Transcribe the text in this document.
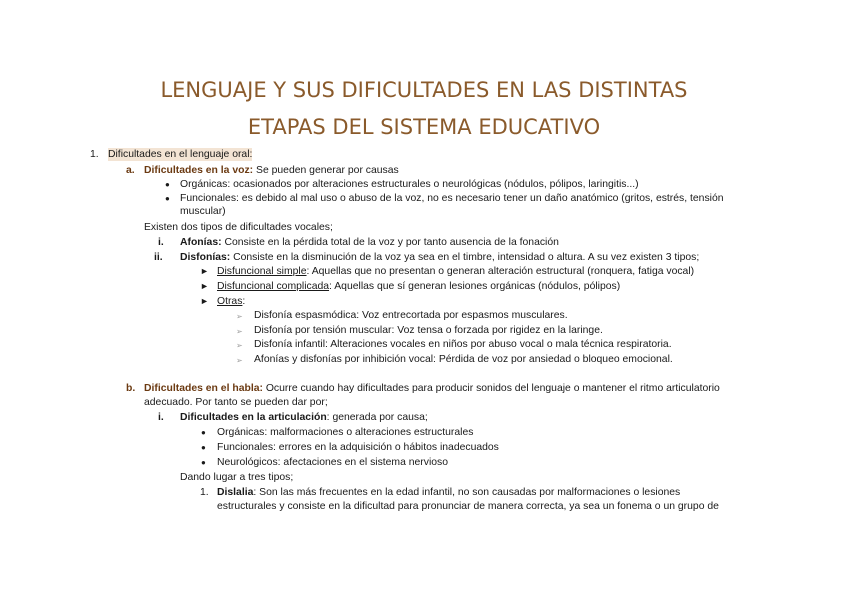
LENGUAJE Y SUS DIFICULTADES EN LAS DISTINTAS
ETAPAS DEL SISTEMA EDUCATIVO
1. Dificultades en el lenguaje oral:
a. Dificultades en la voz: Se pueden generar por causas
● Orgánicas: ocasionados por alteraciones estructurales o neurológicas (nódulos, pólipos, laringitis...)
● Funcionales: es debido al mal uso o abuso de la voz, no es necesario tener un daño anatómico (gritos, estrés, tensión
muscular)
Existen dos tipos de dificultades vocales;
i. Afonías: Consiste en la pérdida total de la voz y por tanto ausencia de la fonación
ii. Disfonías: Consiste en la disminución de la voz ya sea en el timbre, intensidad o altura. A su vez existen 3 tipos;
► Disfuncional simple: Aquellas que no presentan o generan alteración estructural (ronquera, fatiga vocal)
► Disfuncional complicada: Aquellas que sí generan lesiones orgánicas (nódulos, pólipos)
► Otras:
➢ Disfonía espasmódica: Voz entrecortada por espasmos musculares.
➢ Disfonía por tensión muscular: Voz tensa o forzada por rigidez en la laringe.
➢ Disfonía infantil: Alteraciones vocales en niños por abuso vocal o mala técnica respiratoria.
➢ Afonías y disfonías por inhibición vocal: Pérdida de voz por ansiedad o bloqueo emocional.
b. Dificultades en el habla: Ocurre cuando hay dificultades para producir sonidos del lenguaje o mantener el ritmo articulatorio
adecuado. Por tanto se pueden dar por;
i. Dificultades en la articulación: generada por causa;
● Orgánicas: malformaciones o alteraciones estructurales
● Funcionales: errores en la adquisición o hábitos inadecuados
● Neurológicos: afectaciones en el sistema nervioso
Dando lugar a tres tipos;
1. Dislalia: Son las más frecuentes en la edad infantil, no son causadas por malformaciones o lesiones
estructurales y consiste en la dificultad para pronunciar de manera correcta, ya sea un fonema o un grupo de
